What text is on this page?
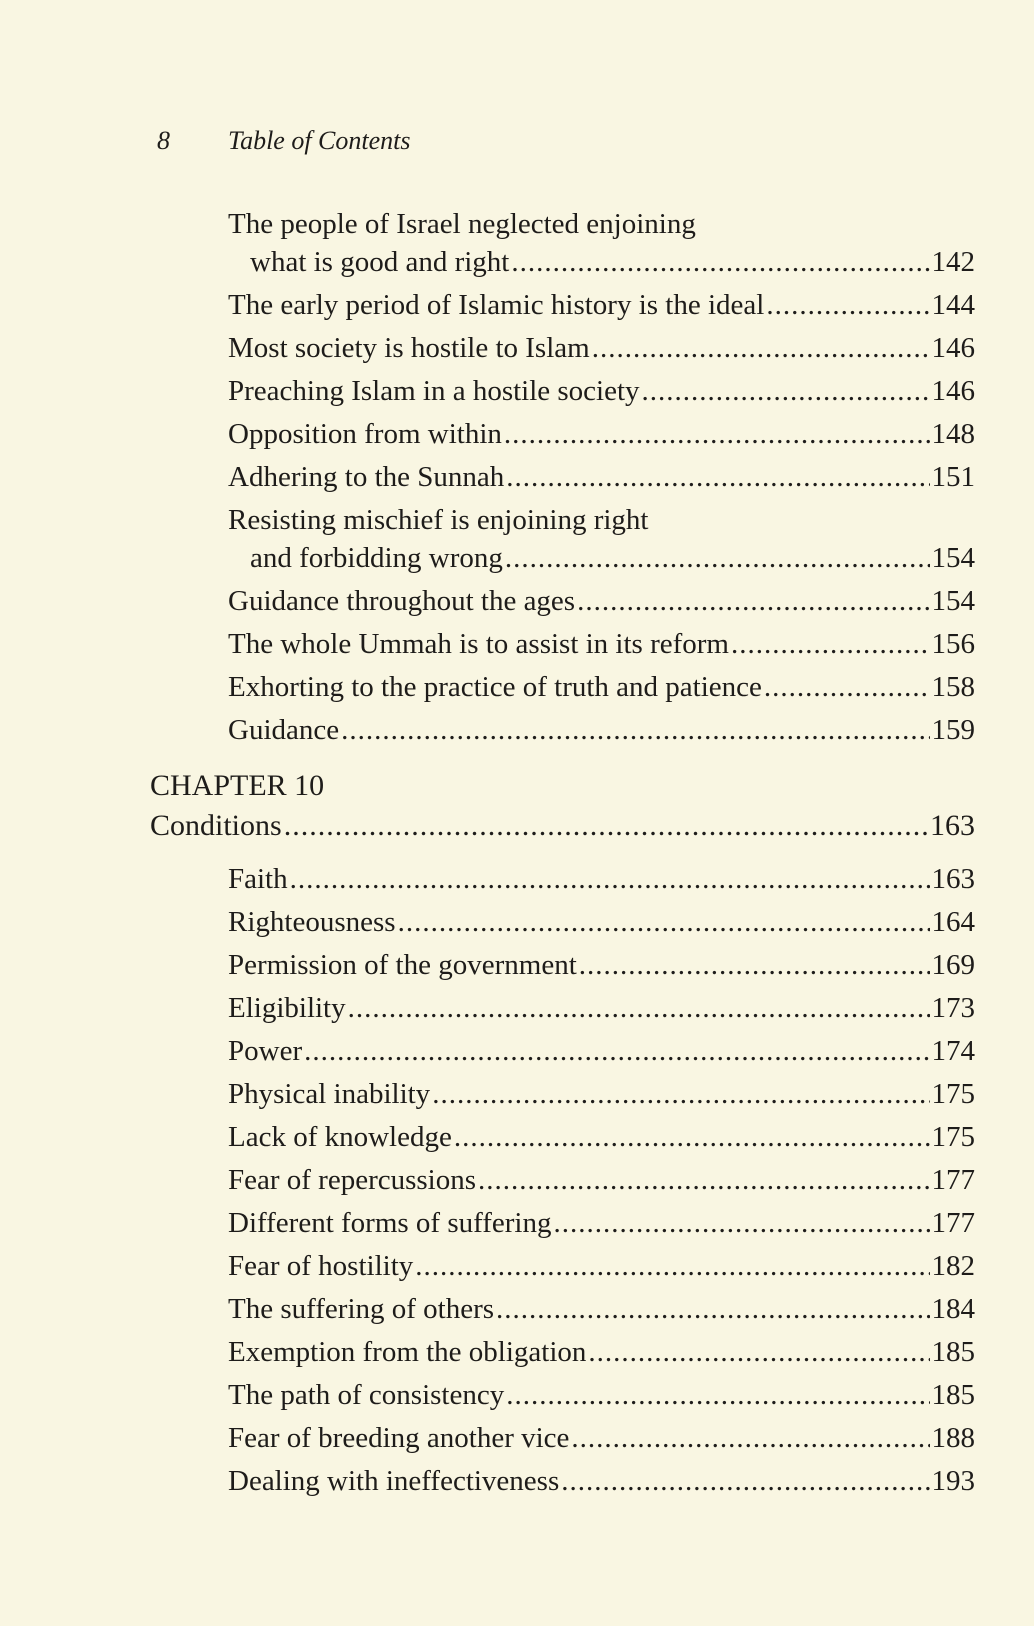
8 Table of Contents
The people of Israel neglected enjoining
what is good and right .....	142
The early period of Islamic history is the ideal .....	144
Most society is hostile to Islam .....	146
Preaching Islam in a hostile society .....	146
Opposition from within .....	148
Adhering to the Sunnah .....	151
Resisting mischief is enjoining right
and forbidding wrong .....	154
Guidance throughout the ages .....	154
The whole Ummah is to assist in its reform .....	156
Exhorting to the practice of truth and patience .....	158
Guidance .....	159
CHAPTER 10
Conditions .....	163
Faith .....	163
Righteousness .....	164
Permission of the government .....	169
Eligibility .....	173
Power .....	174
Physical inability .....	175
Lack of knowledge .....	175
Fear of repercussions .....	177
Different forms of suffering .....	177
Fear of hostility .....	182
The suffering of others .....	184
Exemption from the obligation .....	185
The path of consistency .....	185
Fear of breeding another vice .....	188
Dealing with ineffectiveness .....	193
